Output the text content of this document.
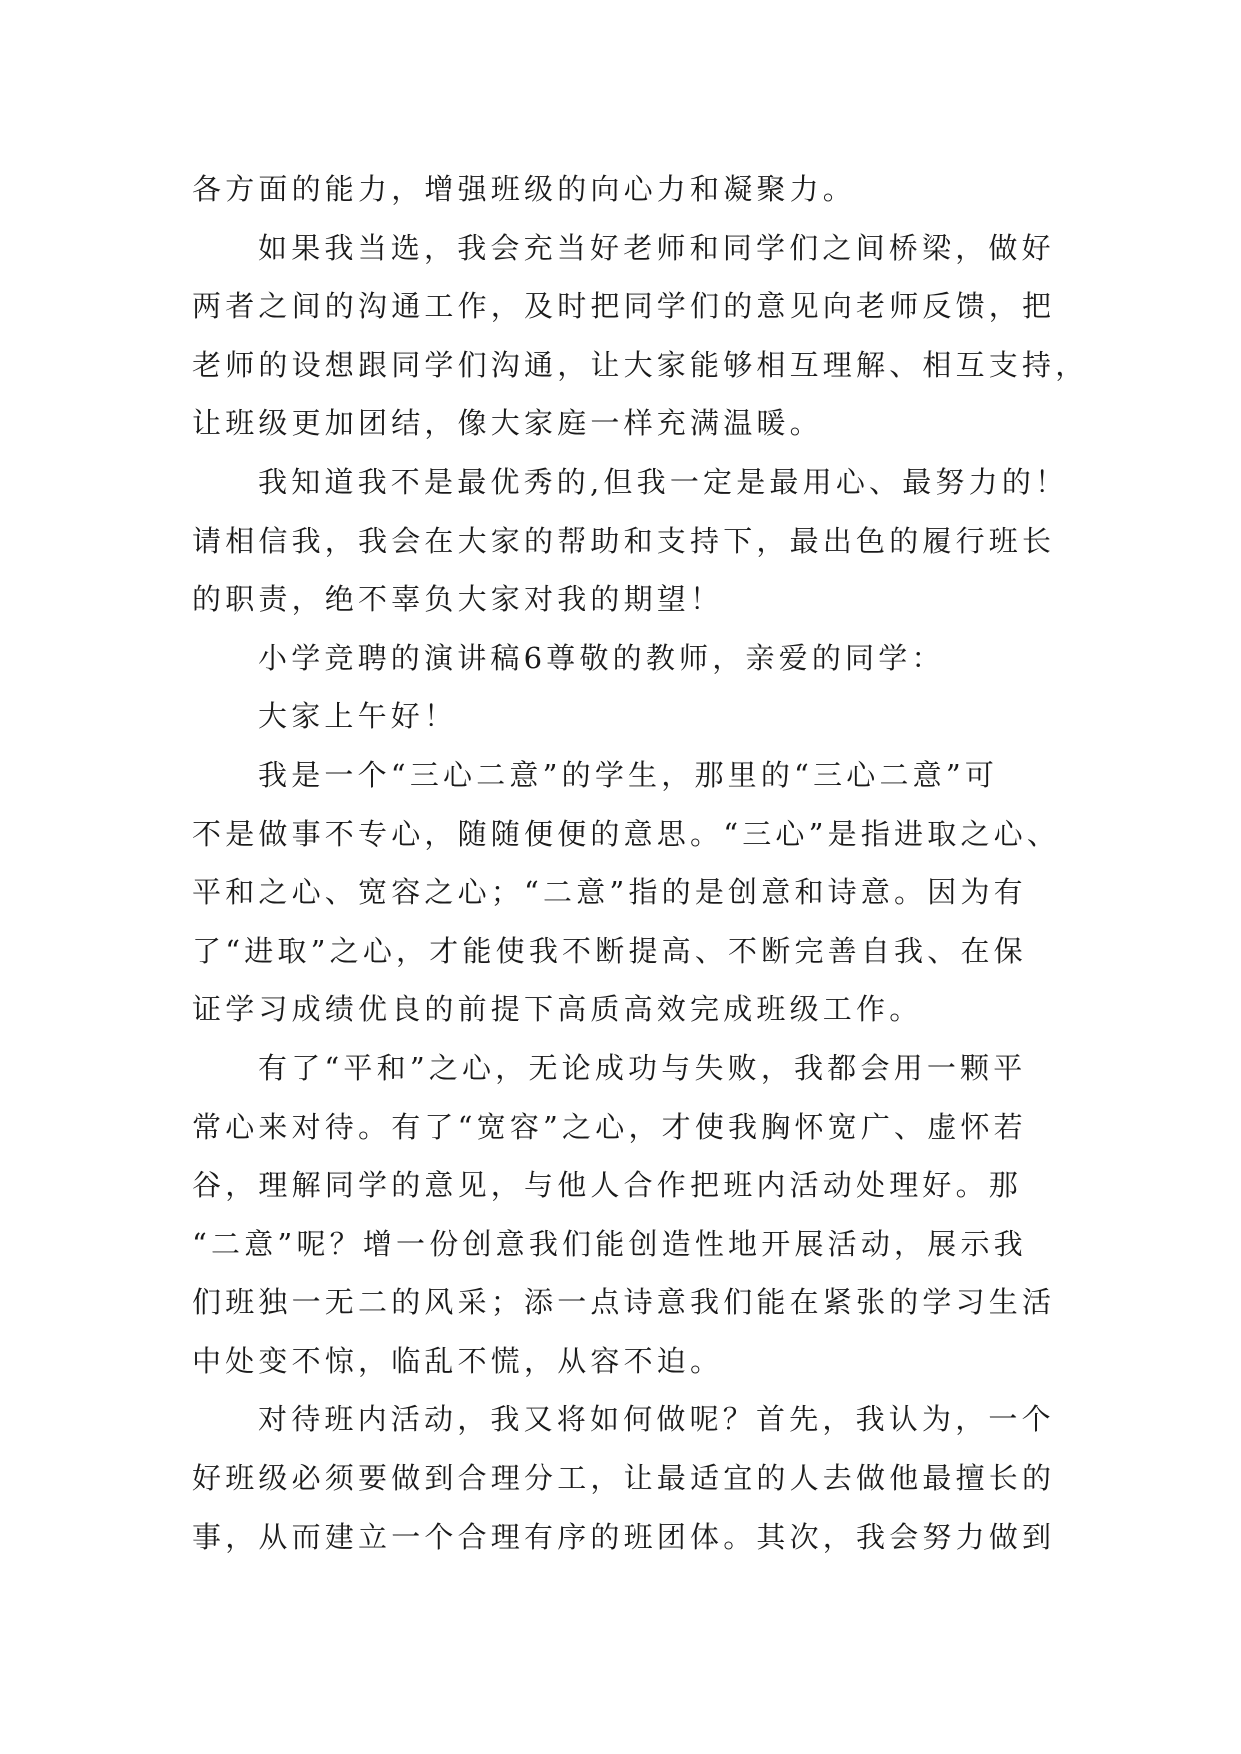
各方面的能力，增强班级的向心力和凝聚力。
如果我当选，我会充当好老师和同学们之间桥梁，做好
两者之间的沟通工作，及时把同学们的意见向老师反馈，把
老师的设想跟同学们沟通，让大家能够相互理解、相互支持，
让班级更加团结，像大家庭一样充满温暖。
我知道我不是最优秀的,但我一定是最用心、最努力的！
请相信我，我会在大家的帮助和支持下，最出色的履行班长
的职责，绝不辜负大家对我的期望！
小学竞聘的演讲稿6尊敬的教师，亲爱的同学：
大家上午好！
我是一个“三心二意”的学生，那里的“三心二意”可
不是做事不专心，随随便便的意思。“三心”是指进取之心、
平和之心、宽容之心；“二意”指的是创意和诗意。因为有
了“进取”之心，才能使我不断提高、不断完善自我、在保
证学习成绩优良的前提下高质高效完成班级工作。
有了“平和”之心，无论成功与失败，我都会用一颗平
常心来对待。有了“宽容”之心，才使我胸怀宽广、虚怀若
谷，理解同学的意见，与他人合作把班内活动处理好。那
“二意”呢？增一份创意我们能创造性地开展活动，展示我
们班独一无二的风采；添一点诗意我们能在紧张的学习生活
中处变不惊，临乱不慌，从容不迫。
对待班内活动，我又将如何做呢？首先，我认为，一个
好班级必须要做到合理分工，让最适宜的人去做他最擅长的
事，从而建立一个合理有序的班团体。其次，我会努力做到
